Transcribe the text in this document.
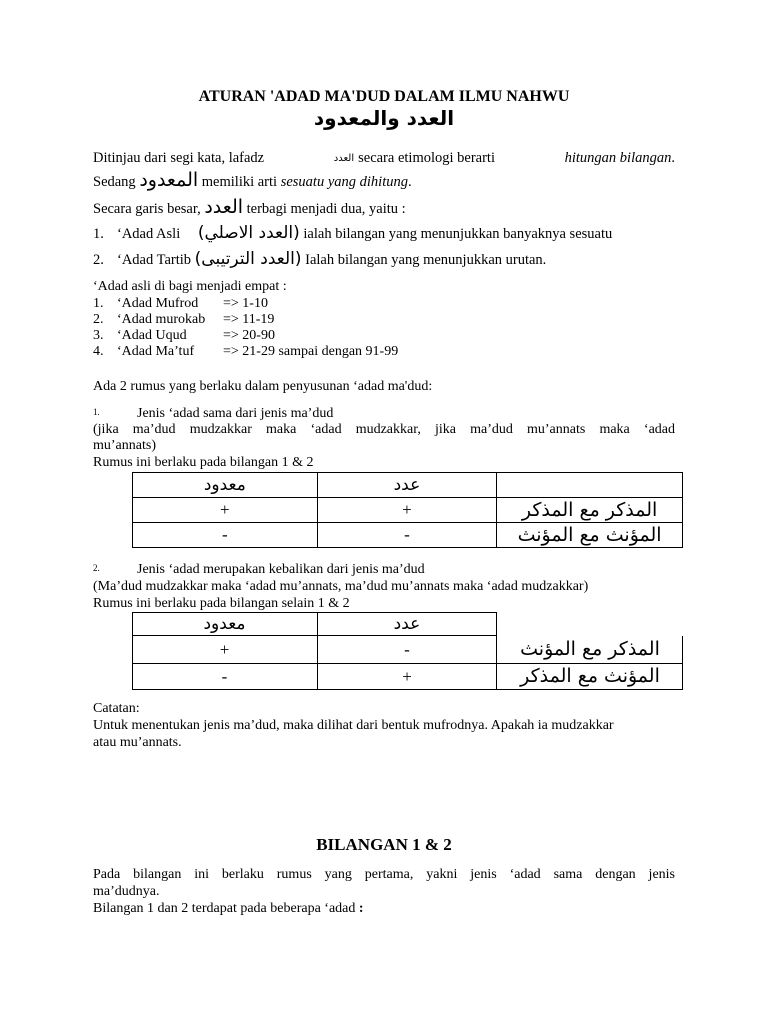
ATURAN 'ADAD MA'DUD DALAM ILMU NAHWU
العدد والمعدود
Ditinjau dari segi kata, lafadz	العدد secara etimologi berarti	hitungan bilangan.
Sedang المعدود memiliki arti sesuatu yang dihitung.
Secara garis besar, العدد terbagi menjadi dua, yaitu :
1. ‘Adad Asli (العدد الاصلي) ialah bilangan yang menunjukkan banyaknya sesuatu
2. ‘Adad Tartib (العدد الترتيبى) Ialah bilangan yang menunjukkan urutan.
‘Adad asli di bagi menjadi empat :
1. ‘Adad Mufrod	=> 1-10
2. ‘Adad murokab	=> 11-19
3. ‘Adad Uqud	=> 20-90
4. ‘Adad Ma’tuf	=> 21-29 sampai dengan 91-99
Ada 2 rumus yang berlaku dalam penyusunan ‘adad ma'dud:
1.	Jenis ‘adad sama dari jenis ma’dud
(jika ma’dud mudzakkar maka ‘adad mudzakkar, jika ma’dud mu’annats maka ‘adad
mu’annats)
Rumus ini berlaku pada bilangan 1 & 2
معدود	عدد	
+	+	المذكر مع المذكر
-	-	المؤنث مع المؤنث
2.	Jenis ‘adad merupakan kebalikan dari jenis ma’dud
(Ma’dud mudzakkar maka ‘adad mu’annats, ma’dud mu’annats maka ‘adad mudzakkar)
Rumus ini berlaku pada bilangan selain 1 & 2
معدود	عدد
+	-	المذكر مع المؤنث
-	+	المؤنث مع المذكر
Catatan:
Untuk menentukan jenis ma’dud, maka dilihat dari bentuk mufrodnya. Apakah ia mudzakkar
atau mu’annats.
BILANGAN 1 & 2
Pada bilangan ini berlaku rumus yang pertama, yakni jenis ‘adad sama dengan jenis
ma’dudnya.
Bilangan 1 dan 2 terdapat pada beberapa ‘adad :
